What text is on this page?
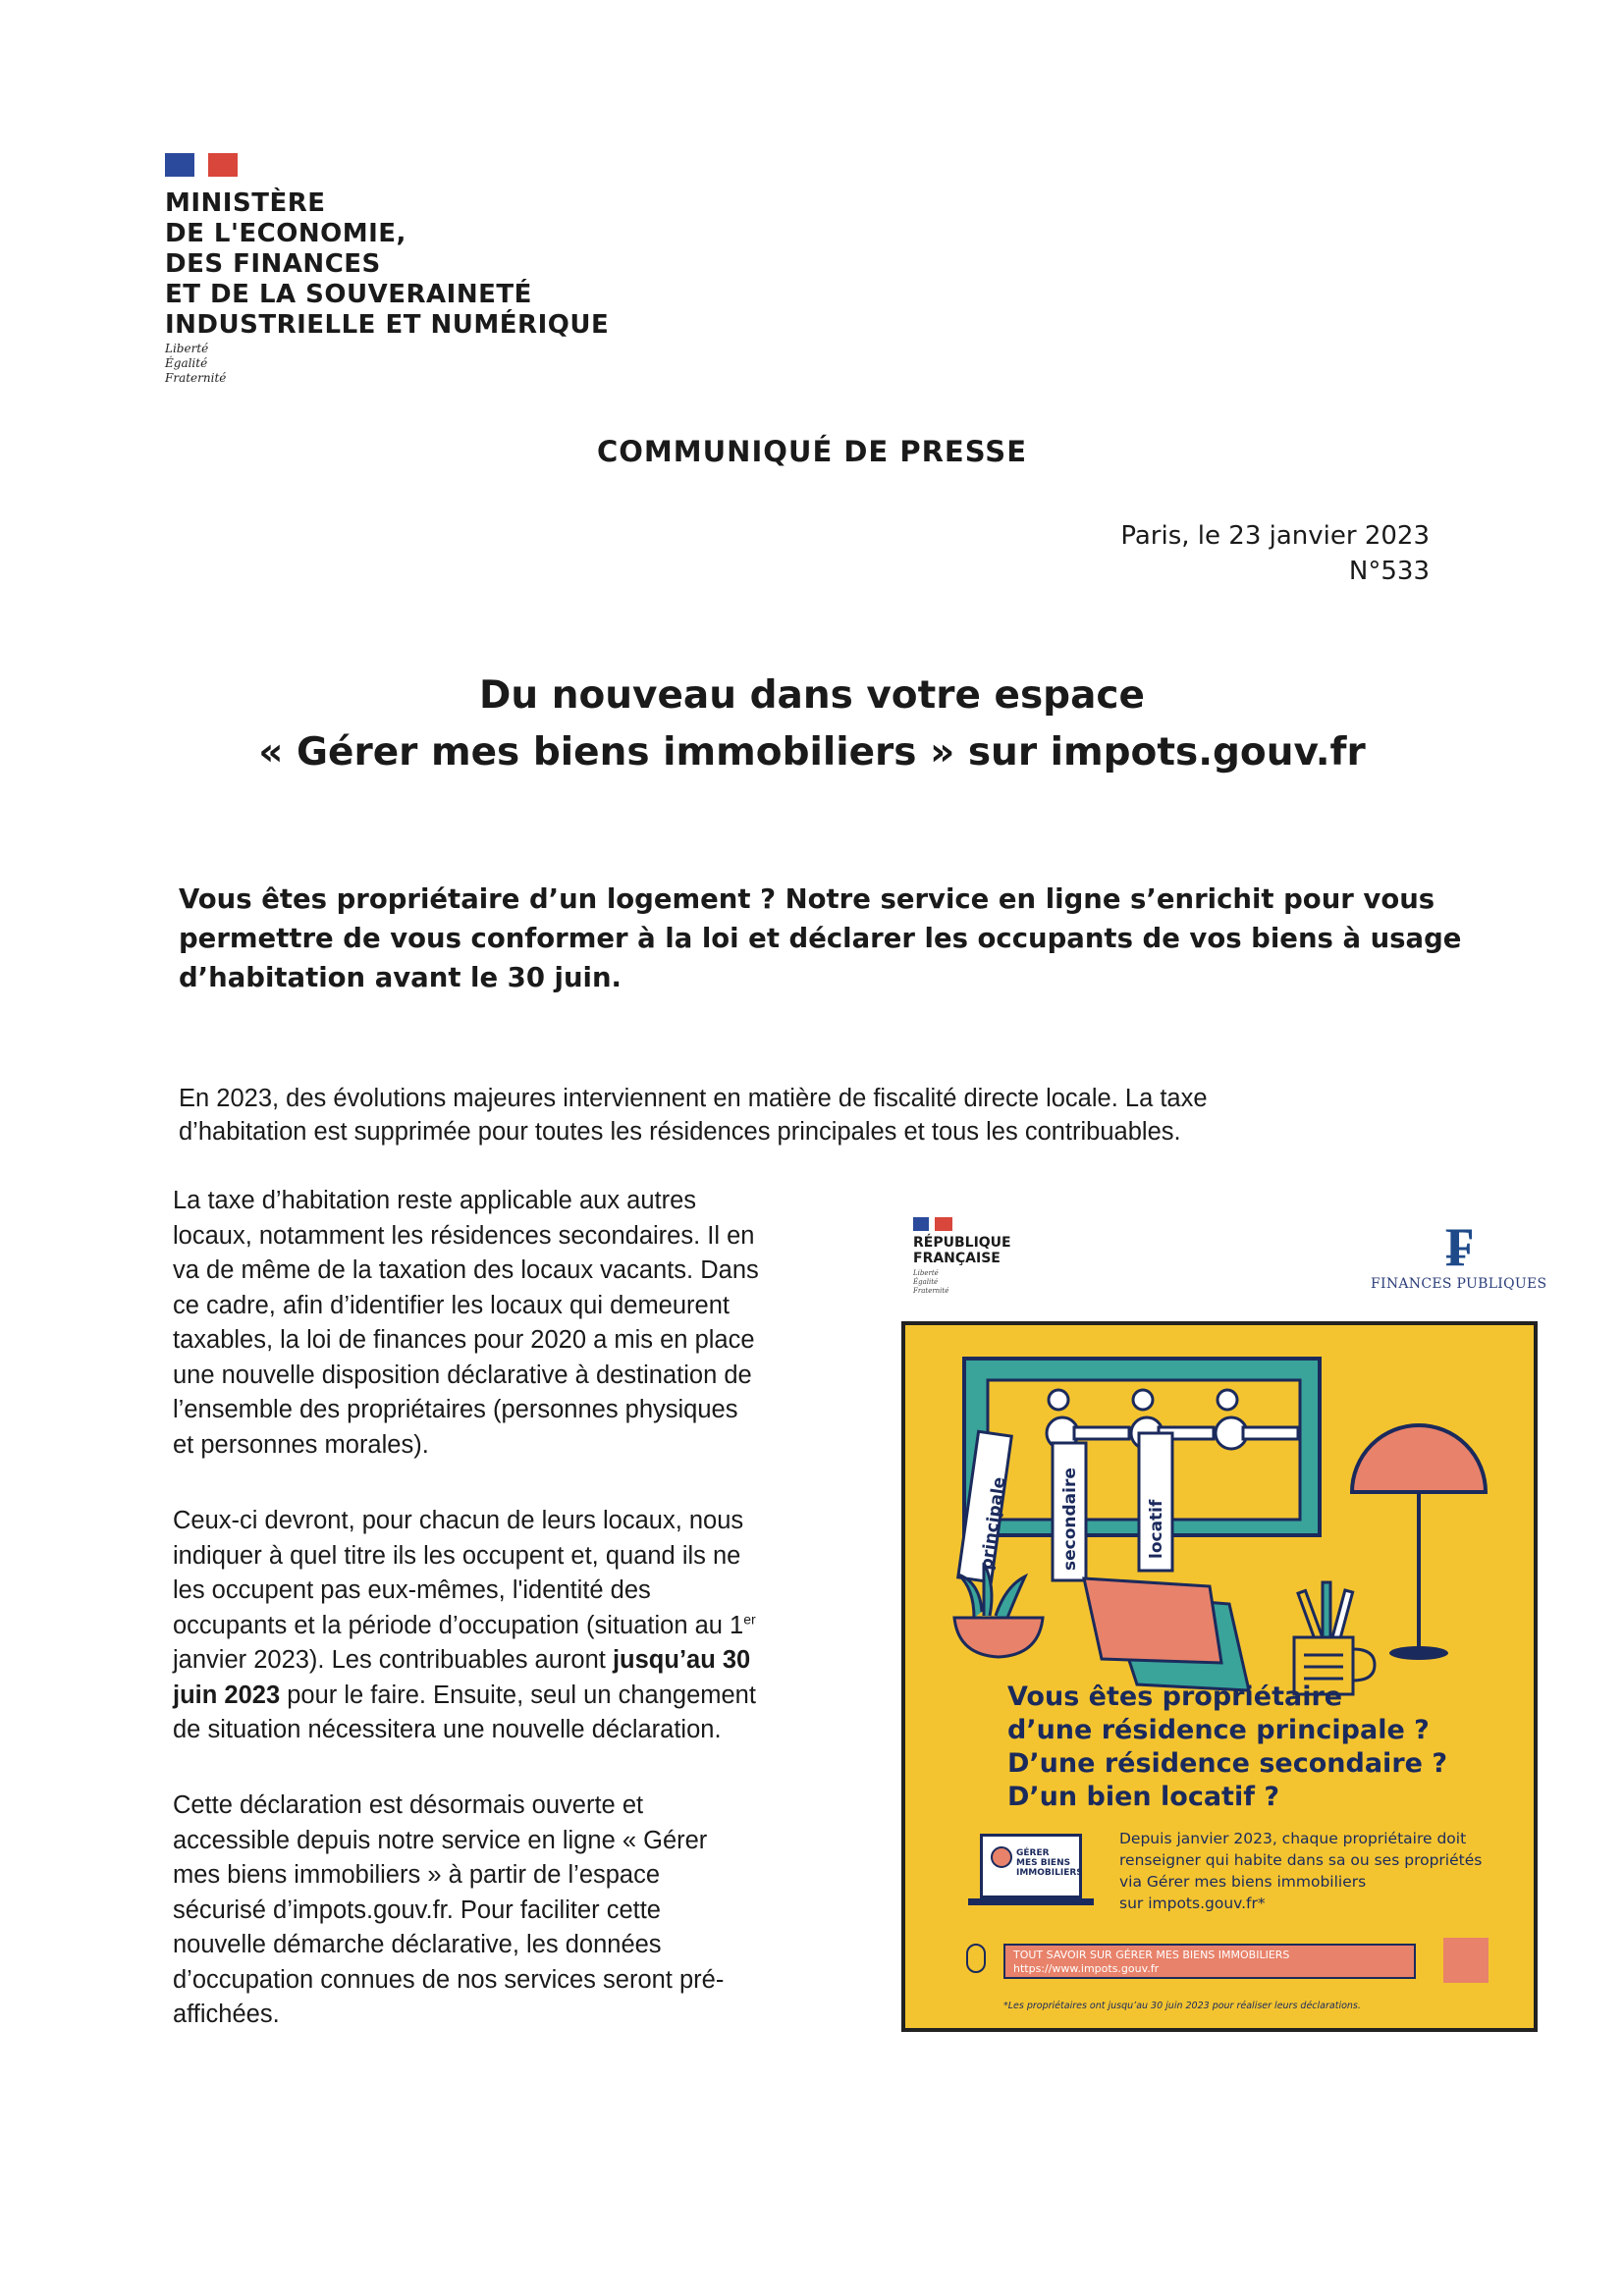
MINISTÈRE
DE L'ECONOMIE,
DES FINANCES
ET DE LA SOUVERAINETÉ
INDUSTRIELLE ET NUMÉRIQUE
Liberté
Égalité
Fraternité
COMMUNIQUÉ DE PRESSE
Paris, le 23 janvier 2023
N°533
Du nouveau dans votre espace
« Gérer mes biens immobiliers » sur impots.gouv.fr
Vous êtes propriétaire d’un logement ? Notre service en ligne s’enrichit pour vous
permettre de vous conformer à la loi et déclarer les occupants de vos biens à usage
d’habitation avant le 30 juin.
En 2023, des évolutions majeures interviennent en matière de fiscalité directe locale. La taxe
d’habitation est supprimée pour toutes les résidences principales et tous les contribuables.
La taxe d’habitation reste applicable aux autres
locaux, notamment les résidences secondaires. Il en
va de même de la taxation des locaux vacants. Dans
ce cadre, afin d’identifier les locaux qui demeurent
taxables, la loi de finances pour 2020 a mis en place
une nouvelle disposition déclarative à destination de
l’ensemble des propriétaires (personnes physiques
et personnes morales).
Ceux-ci devront, pour chacun de leurs locaux, nous
indiquer à quel titre ils les occupent et, quand ils ne
les occupent pas eux-mêmes, l'identité des
occupants et la période d’occupation (situation au 1er
janvier 2023). Les contribuables auront jusqu’au 30
juin 2023 pour le faire. Ensuite, seul un changement
de situation nécessitera une nouvelle déclaration.
Cette déclaration est désormais ouverte et
accessible depuis notre service en ligne « Gérer
mes biens immobiliers » à partir de l’espace
sécurisé d’impots.gouv.fr. Pour faciliter cette
nouvelle démarche déclarative, les données
d’occupation connues de nos services seront pré-
affichées.
RÉPUBLIQUE
FRANÇAISE
Liberté
Égalité
Fraternité
₣
FINANCES PUBLIQUES
principale	secondaire	locatif
Vous êtes propriétaire
d’une résidence principale ?
D’une résidence secondaire ?
D’un bien locatif ?
GÉRER
MES BIENS
IMMOBILIERS
Depuis janvier 2023, chaque propriétaire doit
renseigner qui habite dans sa ou ses propriétés
via Gérer mes biens immobiliers
sur impots.gouv.fr*
TOUT SAVOIR SUR GÉRER MES BIENS IMMOBILIERS
https://www.impots.gouv.fr
*Les propriétaires ont jusqu’au 30 juin 2023 pour réaliser leurs déclarations.
